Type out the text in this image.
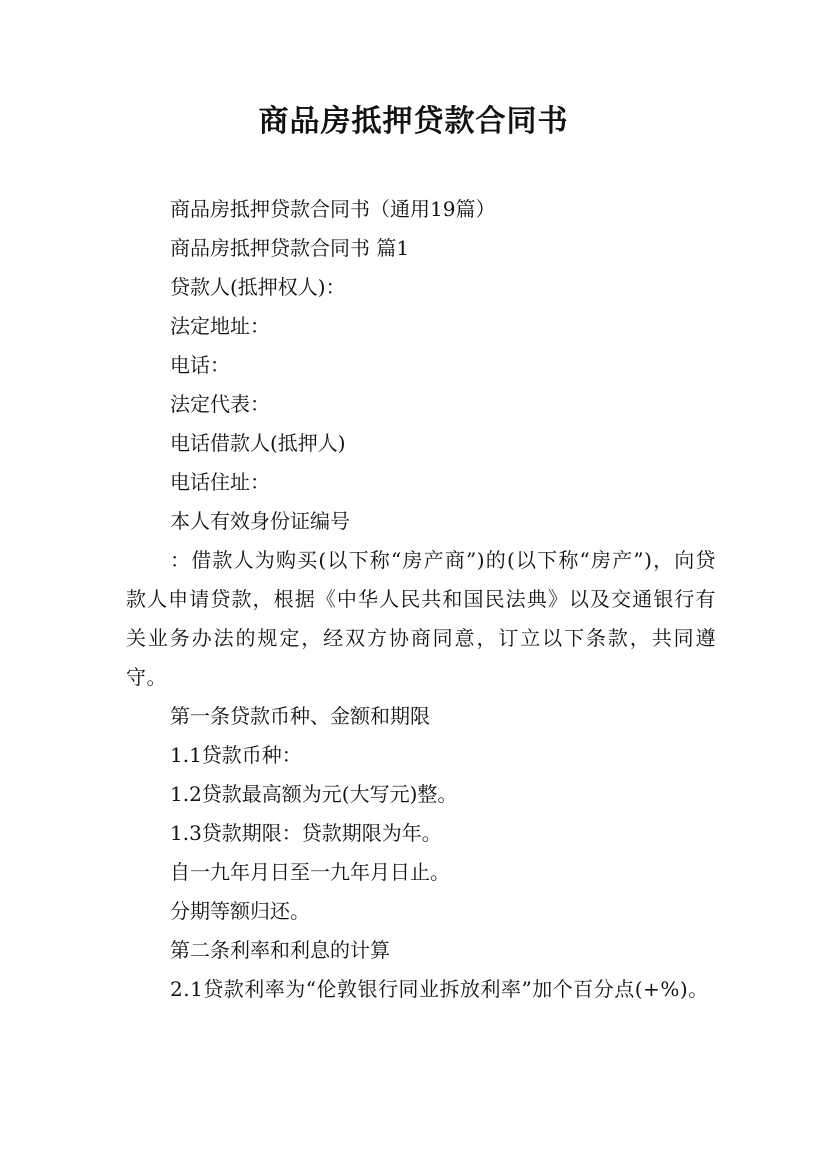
商品房抵押贷款合同书

商品房抵押贷款合同书（通用19篇）

商品房抵押贷款合同书 篇1

贷款人(抵押权人)：

法定地址：

电话：

法定代表：

电话借款人(抵押人)

电话住址：

本人有效身份证编号

：借款人为购买(以下称“房产商”)的(以下称“房产”)，向贷款人申请贷款，根据《中华人民共和国民法典》以及交通银行有关业务办法的规定，经双方协商同意，订立以下条款，共同遵守。

第一条贷款币种、金额和期限

1.1贷款币种：

1.2贷款最高额为元(大写元)整。

1.3贷款期限：贷款期限为年。

自一九年月日至一九年月日止。

分期等额归还。

第二条利率和利息的计算

2.1贷款利率为“伦敦银行同业拆放利率”加个百分点(+%)。
